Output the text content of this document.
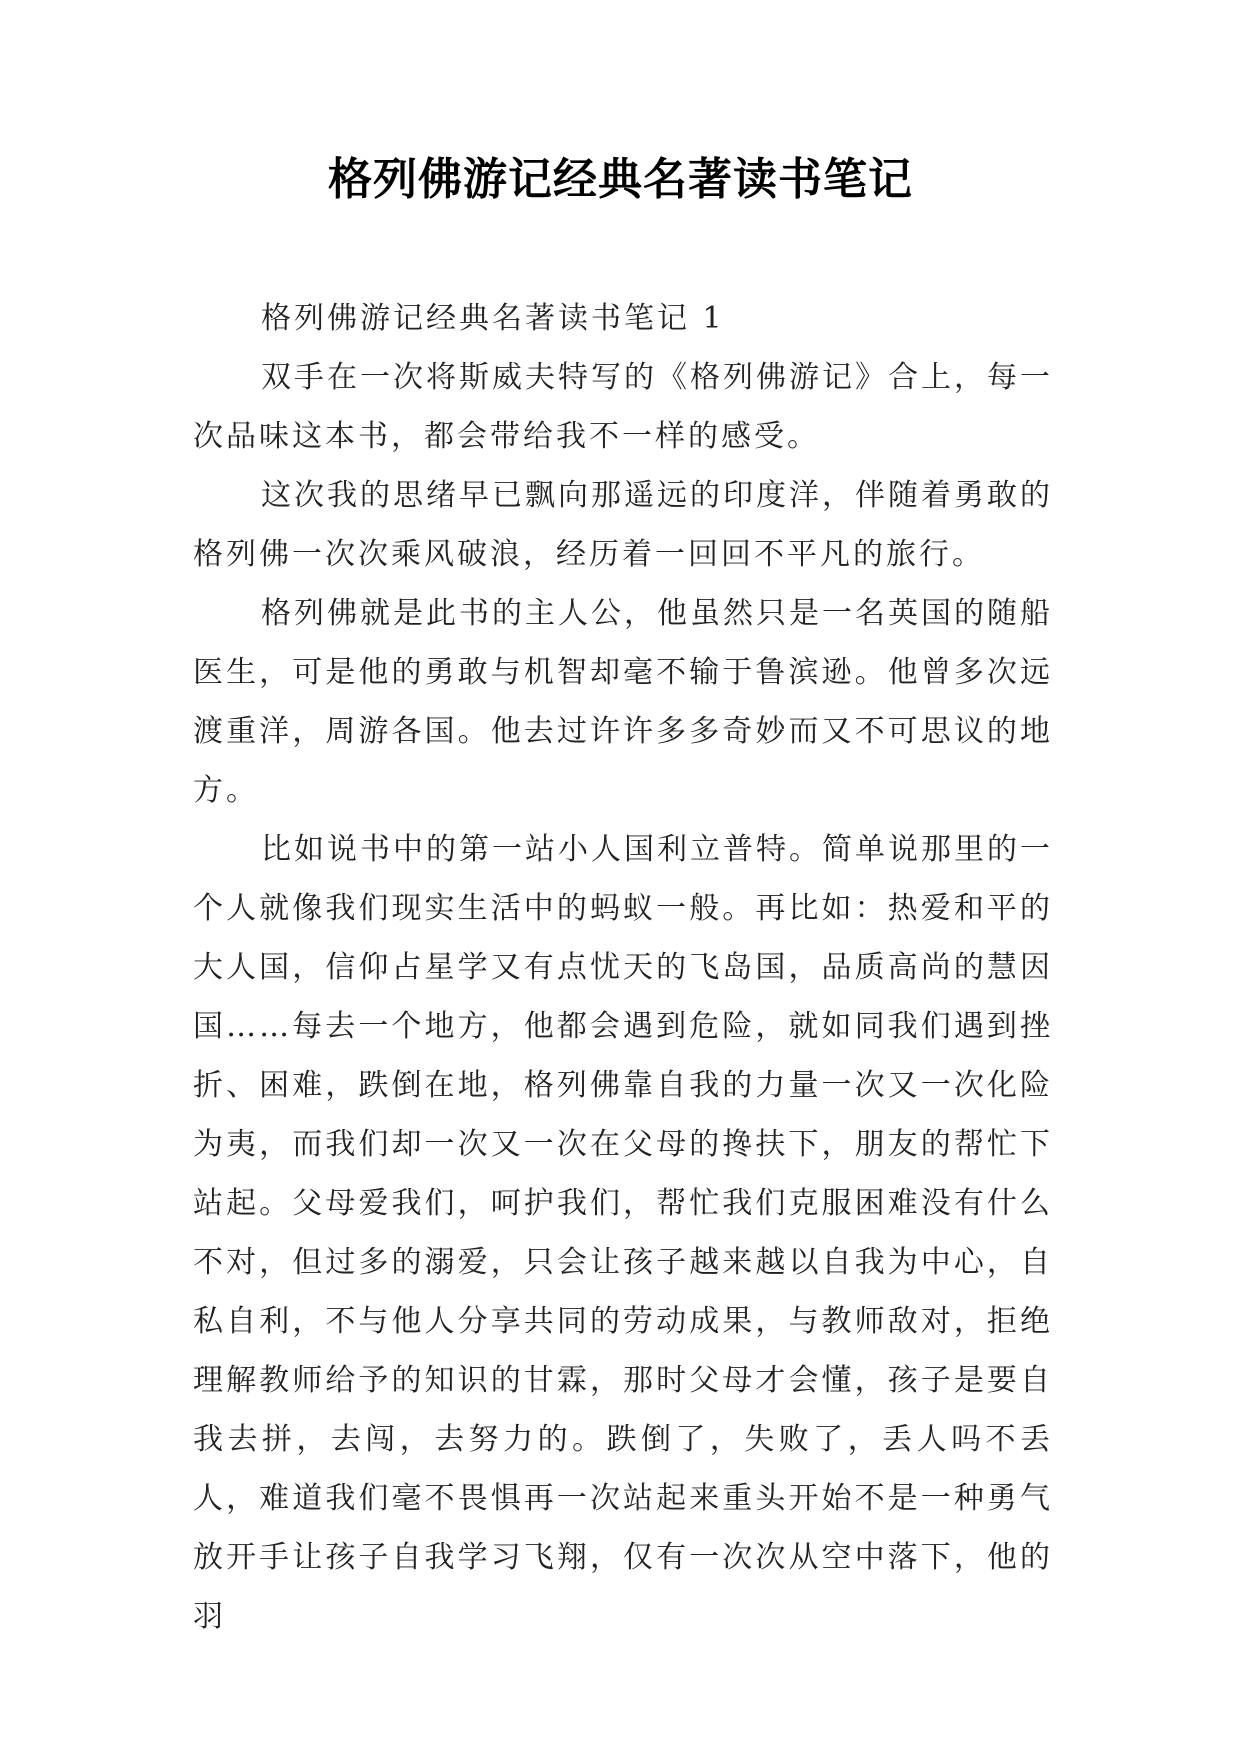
格列佛游记经典名著读书笔记

格列佛游记经典名著读书笔记 1

双手在一次将斯威夫特写的《格列佛游记》合上，每一次品味这本书，都会带给我不一样的感受。

这次我的思绪早已飘向那遥远的印度洋，伴随着勇敢的格列佛一次次乘风破浪，经历着一回回不平凡的旅行。

格列佛就是此书的主人公，他虽然只是一名英国的随船医生，可是他的勇敢与机智却毫不输于鲁滨逊。他曾多次远渡重洋，周游各国。他去过许许多多奇妙而又不可思议的地方。

比如说书中的第一站小人国利立普特。简单说那里的一个人就像我们现实生活中的蚂蚁一般。再比如：热爱和平的大人国，信仰占星学又有点忧天的飞岛国，品质高尚的慧因国……每去一个地方，他都会遇到危险，就如同我们遇到挫折、困难，跌倒在地，格列佛靠自我的力量一次又一次化险为夷，而我们却一次又一次在父母的搀扶下，朋友的帮忙下站起。父母爱我们，呵护我们，帮忙我们克服困难没有什么不对，但过多的溺爱，只会让孩子越来越以自我为中心，自私自利，不与他人分享共同的劳动成果，与教师敌对，拒绝理解教师给予的知识的甘霖，那时父母才会懂，孩子是要自我去拼，去闯，去努力的。跌倒了，失败了，丢人吗不丢人，难道我们毫不畏惧再一次站起来重头开始不是一种勇气放开手让孩子自我学习飞翔，仅有一次次从空中落下，他的羽
